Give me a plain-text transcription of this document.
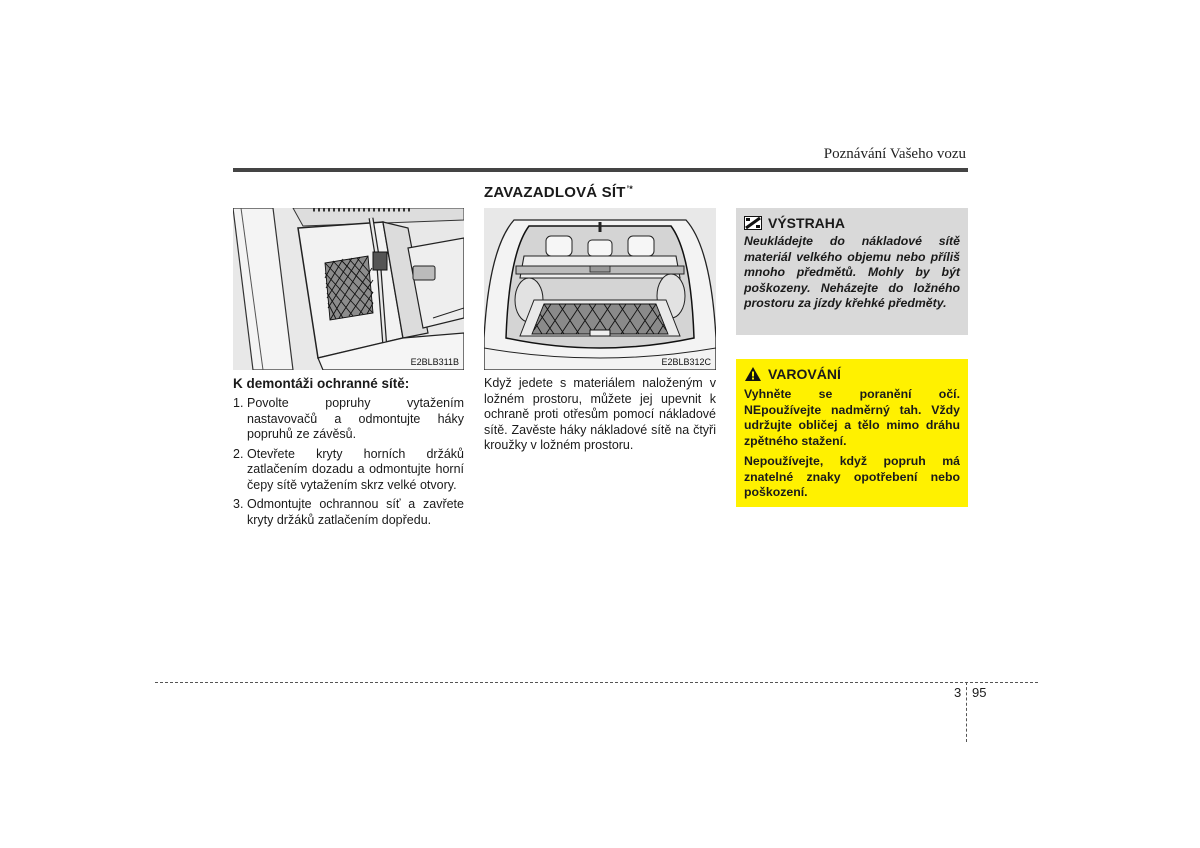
Poznávání Vašeho vozu
E2BLB311B
ZAVAZADLOVÁ SÍT’*
E2BLB312C
K demontáži ochranné sítě:
1. Povolte popruhy vytažením nastavovačů a odmontujte háky popruhů ze závěsů.
2. Otevřete kryty horních držáků zatlačením dozadu a odmontujte horní čepy sítě vytažením skrz velké otvory.
3. Odmontujte ochrannou síť a zavřete kryty držáků zatlačením dopředu.
Když jedete s materiálem naloženým v ložném prostoru, můžete jej upevnit k ochraně proti otřesům pomocí nákladové sítě. Zavěste háky nákladové sítě na čtyři kroužky v ložném prostoru.
VÝSTRAHA
Neukládejte do nákladové sítě materiál velkého objemu nebo příliš mnoho předmětů. Mohly by být poškozeny. Neházejte do ložného prostoru za jízdy křehké předměty.
VAROVÁNÍ
Vyhněte se poranění očí. NEpoužívejte nadměrný tah. Vždy udržujte obličej a tělo mimo dráhu zpětného stažení.
Nepoužívejte, když popruh má znatelné znaky opotřebení nebo poškození.
3 95
